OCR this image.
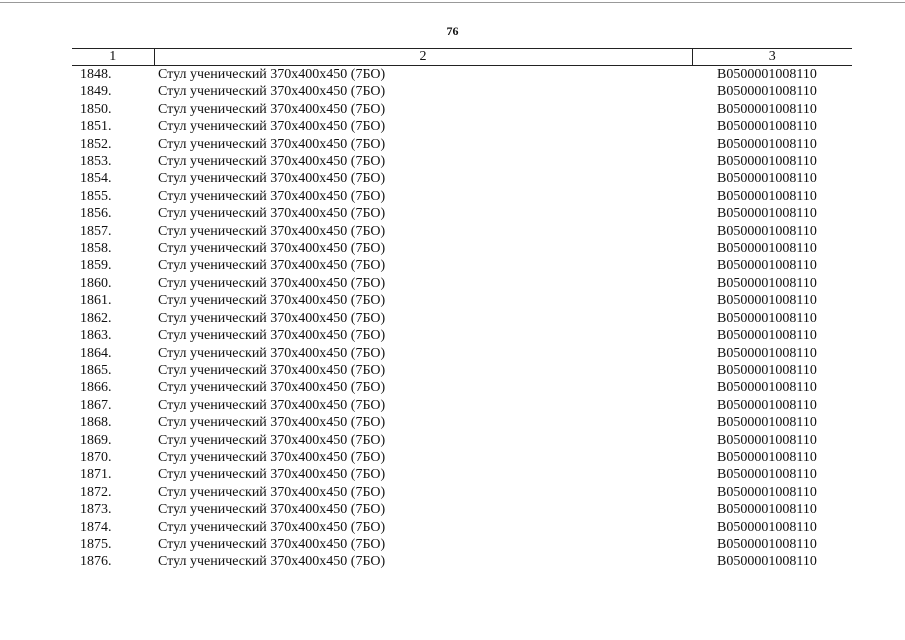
76
1	2	3
1848.	Стул ученический 370x400x450 (7БО)	B0500001008110
1849.	Стул ученический 370x400x450 (7БО)	B0500001008110
1850.	Стул ученический 370x400x450 (7БО)	B0500001008110
1851.	Стул ученический 370x400x450 (7БО)	B0500001008110
1852.	Стул ученический 370x400x450 (7БО)	B0500001008110
1853.	Стул ученический 370x400x450 (7БО)	B0500001008110
1854.	Стул ученический 370x400x450 (7БО)	B0500001008110
1855.	Стул ученический 370x400x450 (7БО)	B0500001008110
1856.	Стул ученический 370x400x450 (7БО)	B0500001008110
1857.	Стул ученический 370x400x450 (7БО)	B0500001008110
1858.	Стул ученический 370x400x450 (7БО)	B0500001008110
1859.	Стул ученический 370x400x450 (7БО)	B0500001008110
1860.	Стул ученический 370x400x450 (7БО)	B0500001008110
1861.	Стул ученический 370x400x450 (7БО)	B0500001008110
1862.	Стул ученический 370x400x450 (7БО)	B0500001008110
1863.	Стул ученический 370x400x450 (7БО)	B0500001008110
1864.	Стул ученический 370x400x450 (7БО)	B0500001008110
1865.	Стул ученический 370x400x450 (7БО)	B0500001008110
1866.	Стул ученический 370x400x450 (7БО)	B0500001008110
1867.	Стул ученический 370x400x450 (7БО)	B0500001008110
1868.	Стул ученический 370x400x450 (7БО)	B0500001008110
1869.	Стул ученический 370x400x450 (7БО)	B0500001008110
1870.	Стул ученический 370x400x450 (7БО)	B0500001008110
1871.	Стул ученический 370x400x450 (7БО)	B0500001008110
1872.	Стул ученический 370x400x450 (7БО)	B0500001008110
1873.	Стул ученический 370x400x450 (7БО)	B0500001008110
1874.	Стул ученический 370x400x450 (7БО)	B0500001008110
1875.	Стул ученический 370x400x450 (7БО)	B0500001008110
1876.	Стул ученический 370x400x450 (7БО)	B0500001008110
